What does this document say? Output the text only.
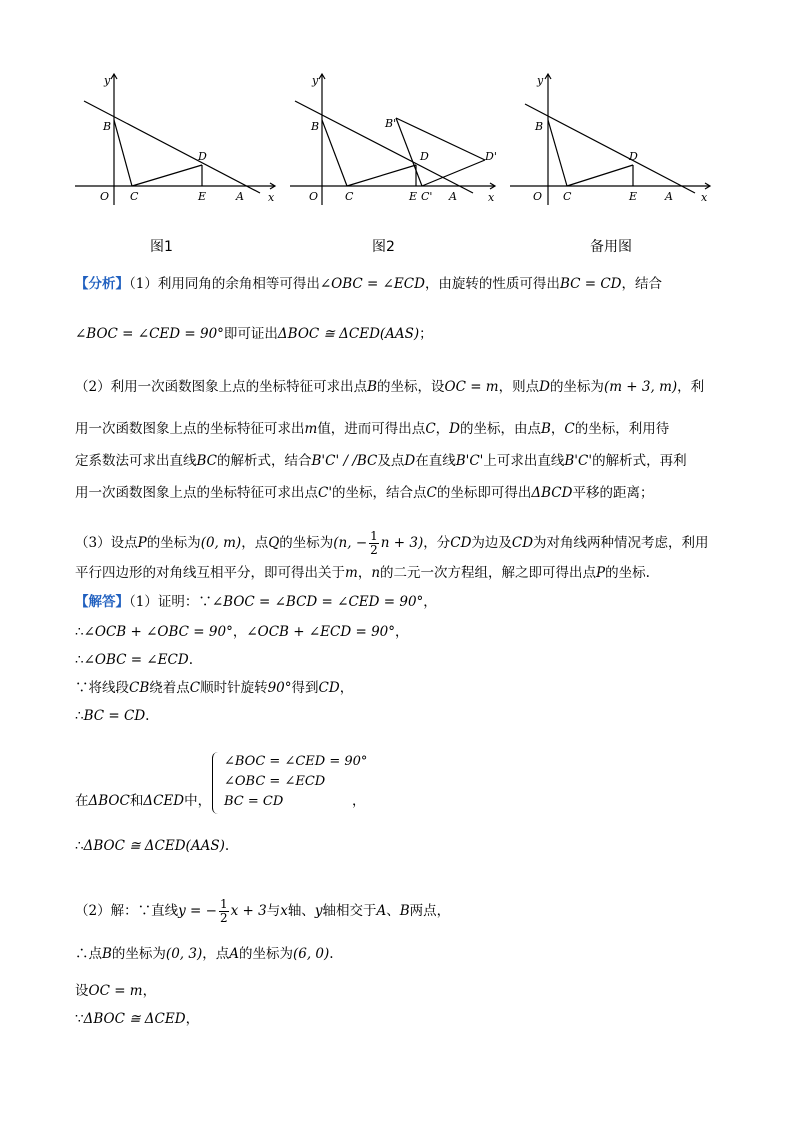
y
x
O
B
C
D
E	A
图1
y
x
O
B
C
D
E C' A
B'
D'
图2
y
x
O
B
C
D
E	A
备用图
【分析】（1）利用同角的余角相等可得出∠OBC = ∠ECD，由旋转的性质可得出BC = CD，结合
∠BOC = ∠CED = 90°即可证出ΔBOC ≅ ΔCED(AAS)；
（2）利用一次函数图象上点的坐标特征可求出点B的坐标，设OC = m，则点D的坐标为(m + 3, m)，利
用一次函数图象上点的坐标特征可求出m值，进而可得出点C，D的坐标，由点B，C的坐标，利用待
定系数法可求出直线BC的解析式，结合B'C' / /BC及点D在直线B'C'上可求出直线B'C'的解析式，再利
用一次函数图象上点的坐标特征可求出点C'的坐标，结合点C的坐标即可得出ΔBCD平移的距离；
（3）设点P的坐标为(0, m)，点Q的坐标为(n, − $\frac{1}{2}$ n + 3)，分CD为边及CD为对角线两种情况考虑，利用
平行四边形的对角线互相平分，即可得出关于m，n的二元一次方程组，解之即可得出点P的坐标.
【解答】（1）证明：∵∠BOC = ∠BCD = ∠CED = 90°，
∴∠OCB + ∠OBC = 90°，∠OCB + ∠ECD = 90°，
∴∠OBC = ∠ECD.
∵将线段CB绕着点C顺时针旋转90°得到CD，
∴BC = CD.
∠BOC = ∠CED = 90°
∠OBC = ∠ECD
BC = CD
在ΔBOC和ΔCED中，	，
∴ΔBOC ≅ ΔCED(AAS).
（2）解：∵直线y = − $\frac{1}{2}$ x + 3与x轴、y轴相交于A、B两点，
∴点B的坐标为(0, 3)，点A的坐标为(6, 0).
设OC = m，
∵ΔBOC ≅ ΔCED，
